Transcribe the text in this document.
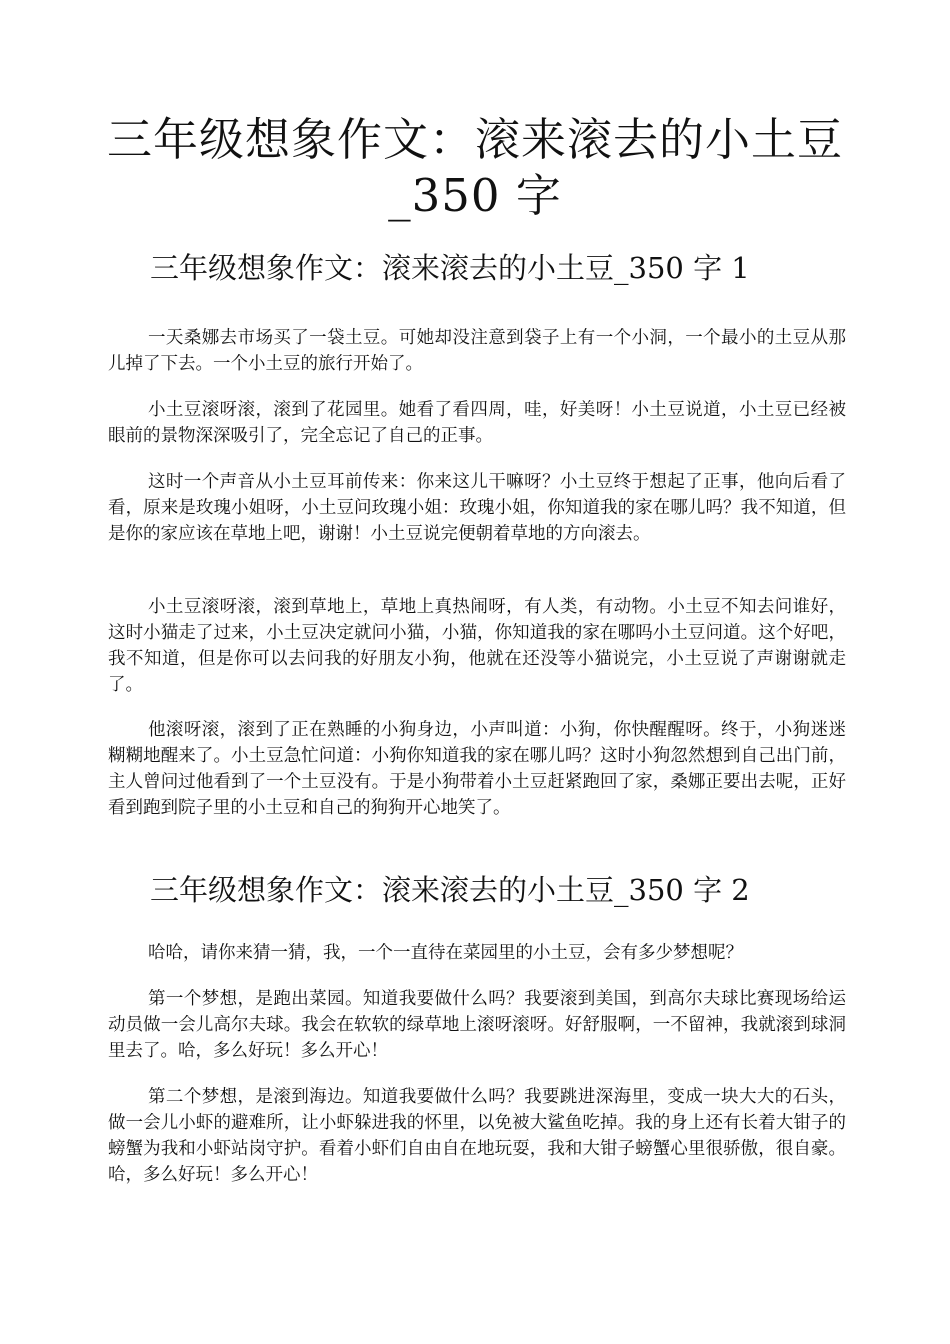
三年级想象作文：滚来滚去的小土豆
_350 字
三年级想象作文：滚来滚去的小土豆_350 字 1

一天桑娜去市场买了一袋土豆。可她却没注意到袋子上有一个小洞，一个最小的土豆从那儿掉了下去。一个小土豆的旅行开始了。

小土豆滚呀滚，滚到了花园里。她看了看四周，哇，好美呀！小土豆说道，小土豆已经被眼前的景物深深吸引了，完全忘记了自己的正事。

这时一个声音从小土豆耳前传来：你来这儿干嘛呀？小土豆终于想起了正事，他向后看了看，原来是玫瑰小姐呀，小土豆问玫瑰小姐：玫瑰小姐，你知道我的家在哪儿吗？我不知道，但是你的家应该在草地上吧，谢谢！小土豆说完便朝着草地的方向滚去。

小土豆滚呀滚，滚到草地上，草地上真热闹呀，有人类，有动物。小土豆不知去问谁好，这时小猫走了过来，小土豆决定就问小猫，小猫，你知道我的家在哪吗小土豆问道。这个好吧，我不知道，但是你可以去问我的好朋友小狗，他就在还没等小猫说完，小土豆说了声谢谢就走了。

他滚呀滚，滚到了正在熟睡的小狗身边，小声叫道：小狗，你快醒醒呀。终于，小狗迷迷糊糊地醒来了。小土豆急忙问道：小狗你知道我的家在哪儿吗？这时小狗忽然想到自己出门前，主人曾问过他看到了一个土豆没有。于是小狗带着小土豆赶紧跑回了家，桑娜正要出去呢，正好看到跑到院子里的小土豆和自己的狗狗开心地笑了。

三年级想象作文：滚来滚去的小土豆_350 字 2

哈哈，请你来猜一猜，我，一个一直待在菜园里的小土豆，会有多少梦想呢？

第一个梦想，是跑出菜园。知道我要做什么吗？我要滚到美国，到高尔夫球比赛现场给运动员做一会儿高尔夫球。我会在软软的绿草地上滚呀滚呀。好舒服啊，一不留神，我就滚到球洞里去了。哈，多么好玩！多么开心！

第二个梦想，是滚到海边。知道我要做什么吗？我要跳进深海里，变成一块大大的石头，做一会儿小虾的避难所，让小虾躲进我的怀里，以免被大鲨鱼吃掉。我的身上还有长着大钳子的螃蟹为我和小虾站岗守护。看着小虾们自由自在地玩耍，我和大钳子螃蟹心里很骄傲，很自豪。哈，多么好玩！多么开心！
